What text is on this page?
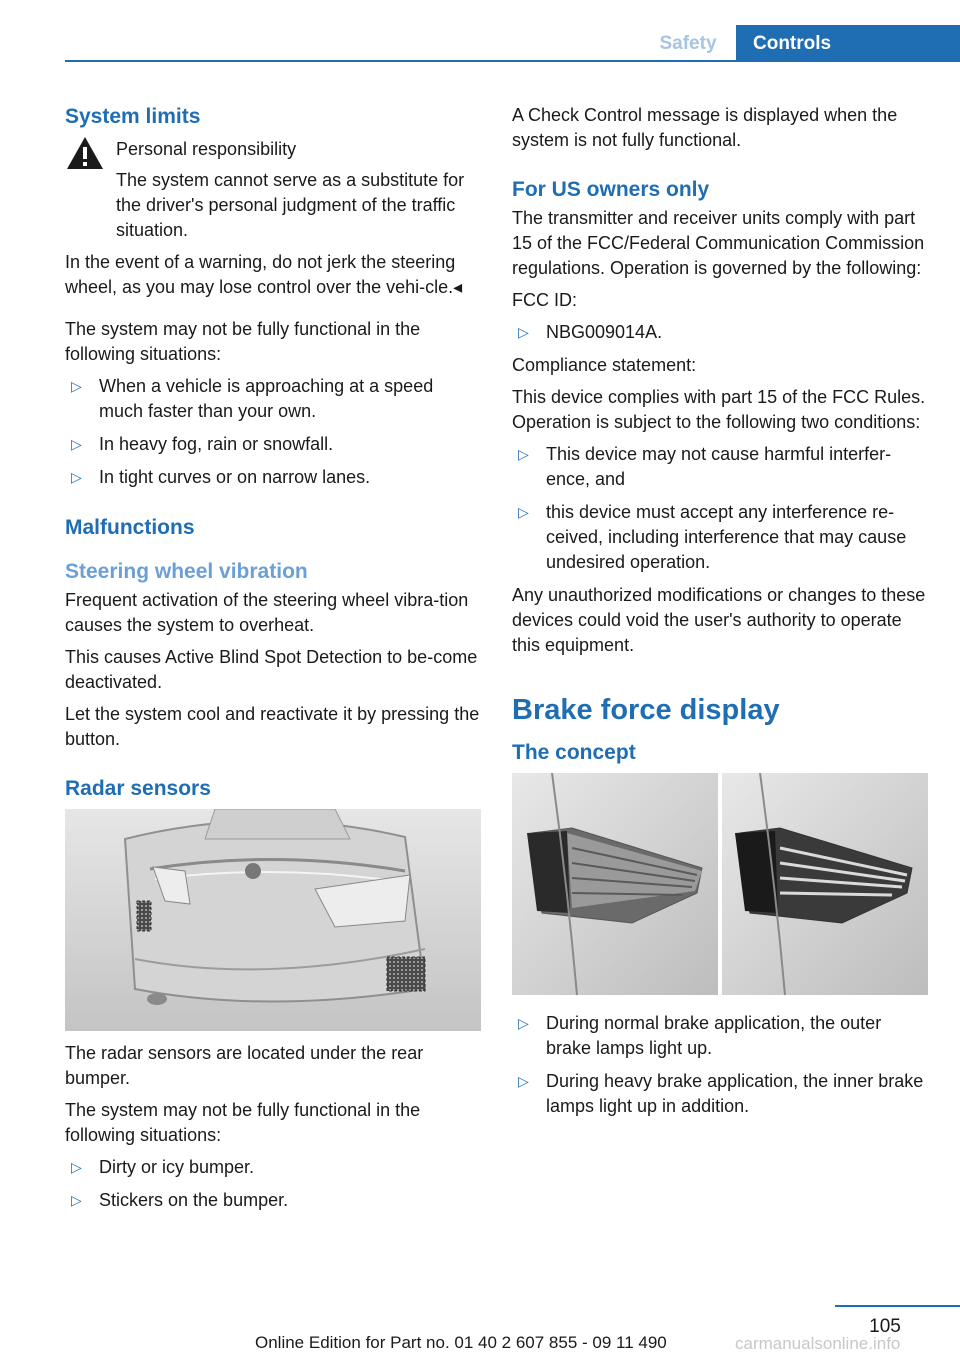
Safety	Controls
System limits

Personal responsibility

The system cannot serve as a substitute for the driver's personal judgment of the traffic situation.

In the event of a warning, do not jerk the steering wheel, as you may lose control over the vehi-cle.◂

The system may not be fully functional in the following situations:

▷ When a vehicle is approaching at a speed much faster than your own.
▷ In heavy fog, rain or snowfall.
▷ In tight curves or on narrow lanes.
Malfunctions
Steering wheel vibration

Frequent activation of the steering wheel vibra-tion causes the system to overheat.

This causes Active Blind Spot Detection to be-come deactivated.

Let the system cool and reactivate it by pressing the button.

Radar sensors

The radar sensors are located under the rear bumper.

The system may not be fully functional in the following situations:

▷ Dirty or icy bumper.
▷ Stickers on the bumper.

A Check Control message is displayed when the system is not fully functional.

For US owners only

The transmitter and receiver units comply with part 15 of the FCC/Federal Communication Commission regulations. Operation is governed by the following:

FCC ID:

▷ NBG009014A.

Compliance statement:

This device complies with part 15 of the FCC Rules. Operation is subject to the following two conditions:

▷ This device may not cause harmful interfer-ence, and
▷ this device must accept any interference re-ceived, including interference that may cause undesired operation.

Any unauthorized modifications or changes to these devices could void the user's authority to operate this equipment.

Brake force display
The concept
▷ During normal brake application, the outer brake lamps light up.
▷ During heavy brake application, the inner brake lamps light up in addition.
105
Online Edition for Part no. 01 40 2 607 855 - 09 11 490	carmanualsonline.info
